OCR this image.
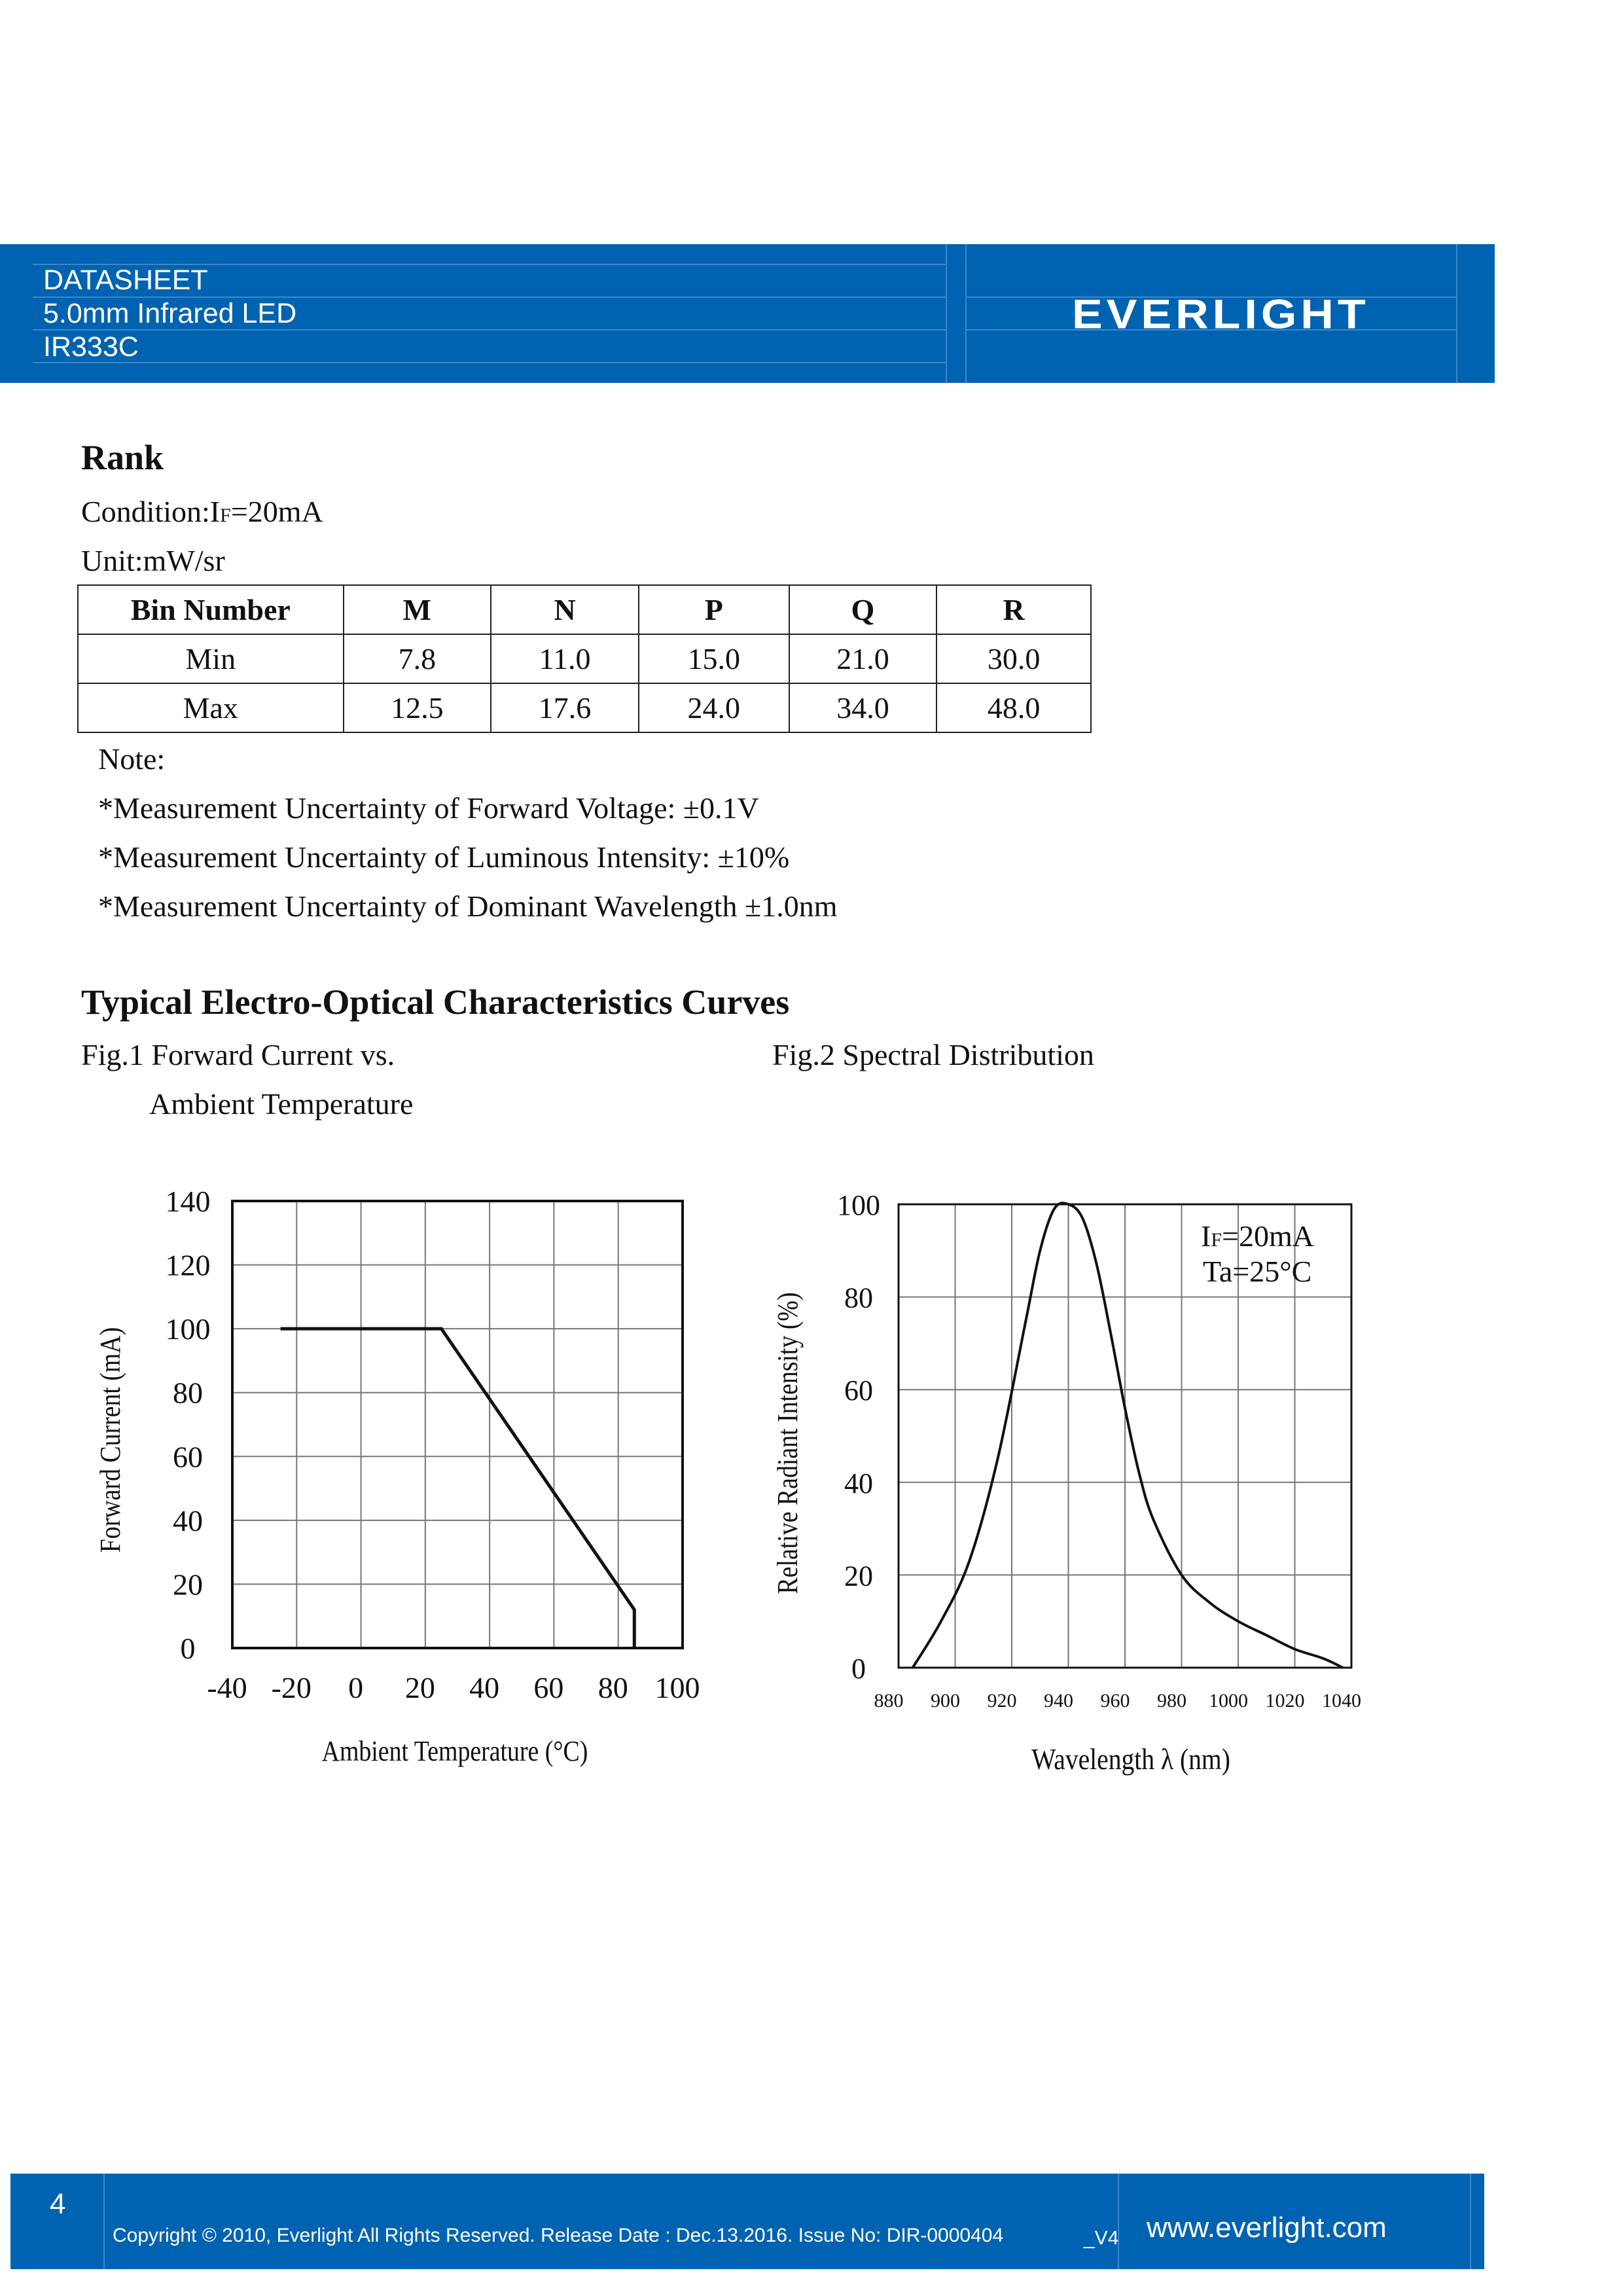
DATASHEET
5.0mm Infrared LED
IR333C
EVERLIGHT
Rank
Condition:IF=20mA
Unit:mW/sr
Bin Number	M	N	P	Q	R
Min	7.8	11.0	15.0	21.0	30.0
Max	12.5	17.6	24.0	34.0	48.0
Note:
*Measurement Uncertainty of Forward Voltage: ±0.1V
*Measurement Uncertainty of Luminous Intensity: ±10%
*Measurement Uncertainty of Dominant Wavelength ±1.0nm
Typical Electro-Optical Characteristics Curves
Fig.1 Forward Current vs.
Ambient Temperature
Fig.2 Spectral Distribution
0
20
40
60
80
100
120
140
-40 -20 0 20 40 60 80 100
Ambient Temperature (°C)
Forward Current (mA)
0
20
40
60
80
100
880 900 920 940 960 980 1000 1020 1040
IF=20mA
Ta=25°C
Wavelength λ (nm)
Relative Radiant Intensity (%)
4
Copyright © 2010, Everlight All Rights Reserved. Release Date : Dec.13.2016. Issue No: DIR-0000404	_V4 www.everlight.com
